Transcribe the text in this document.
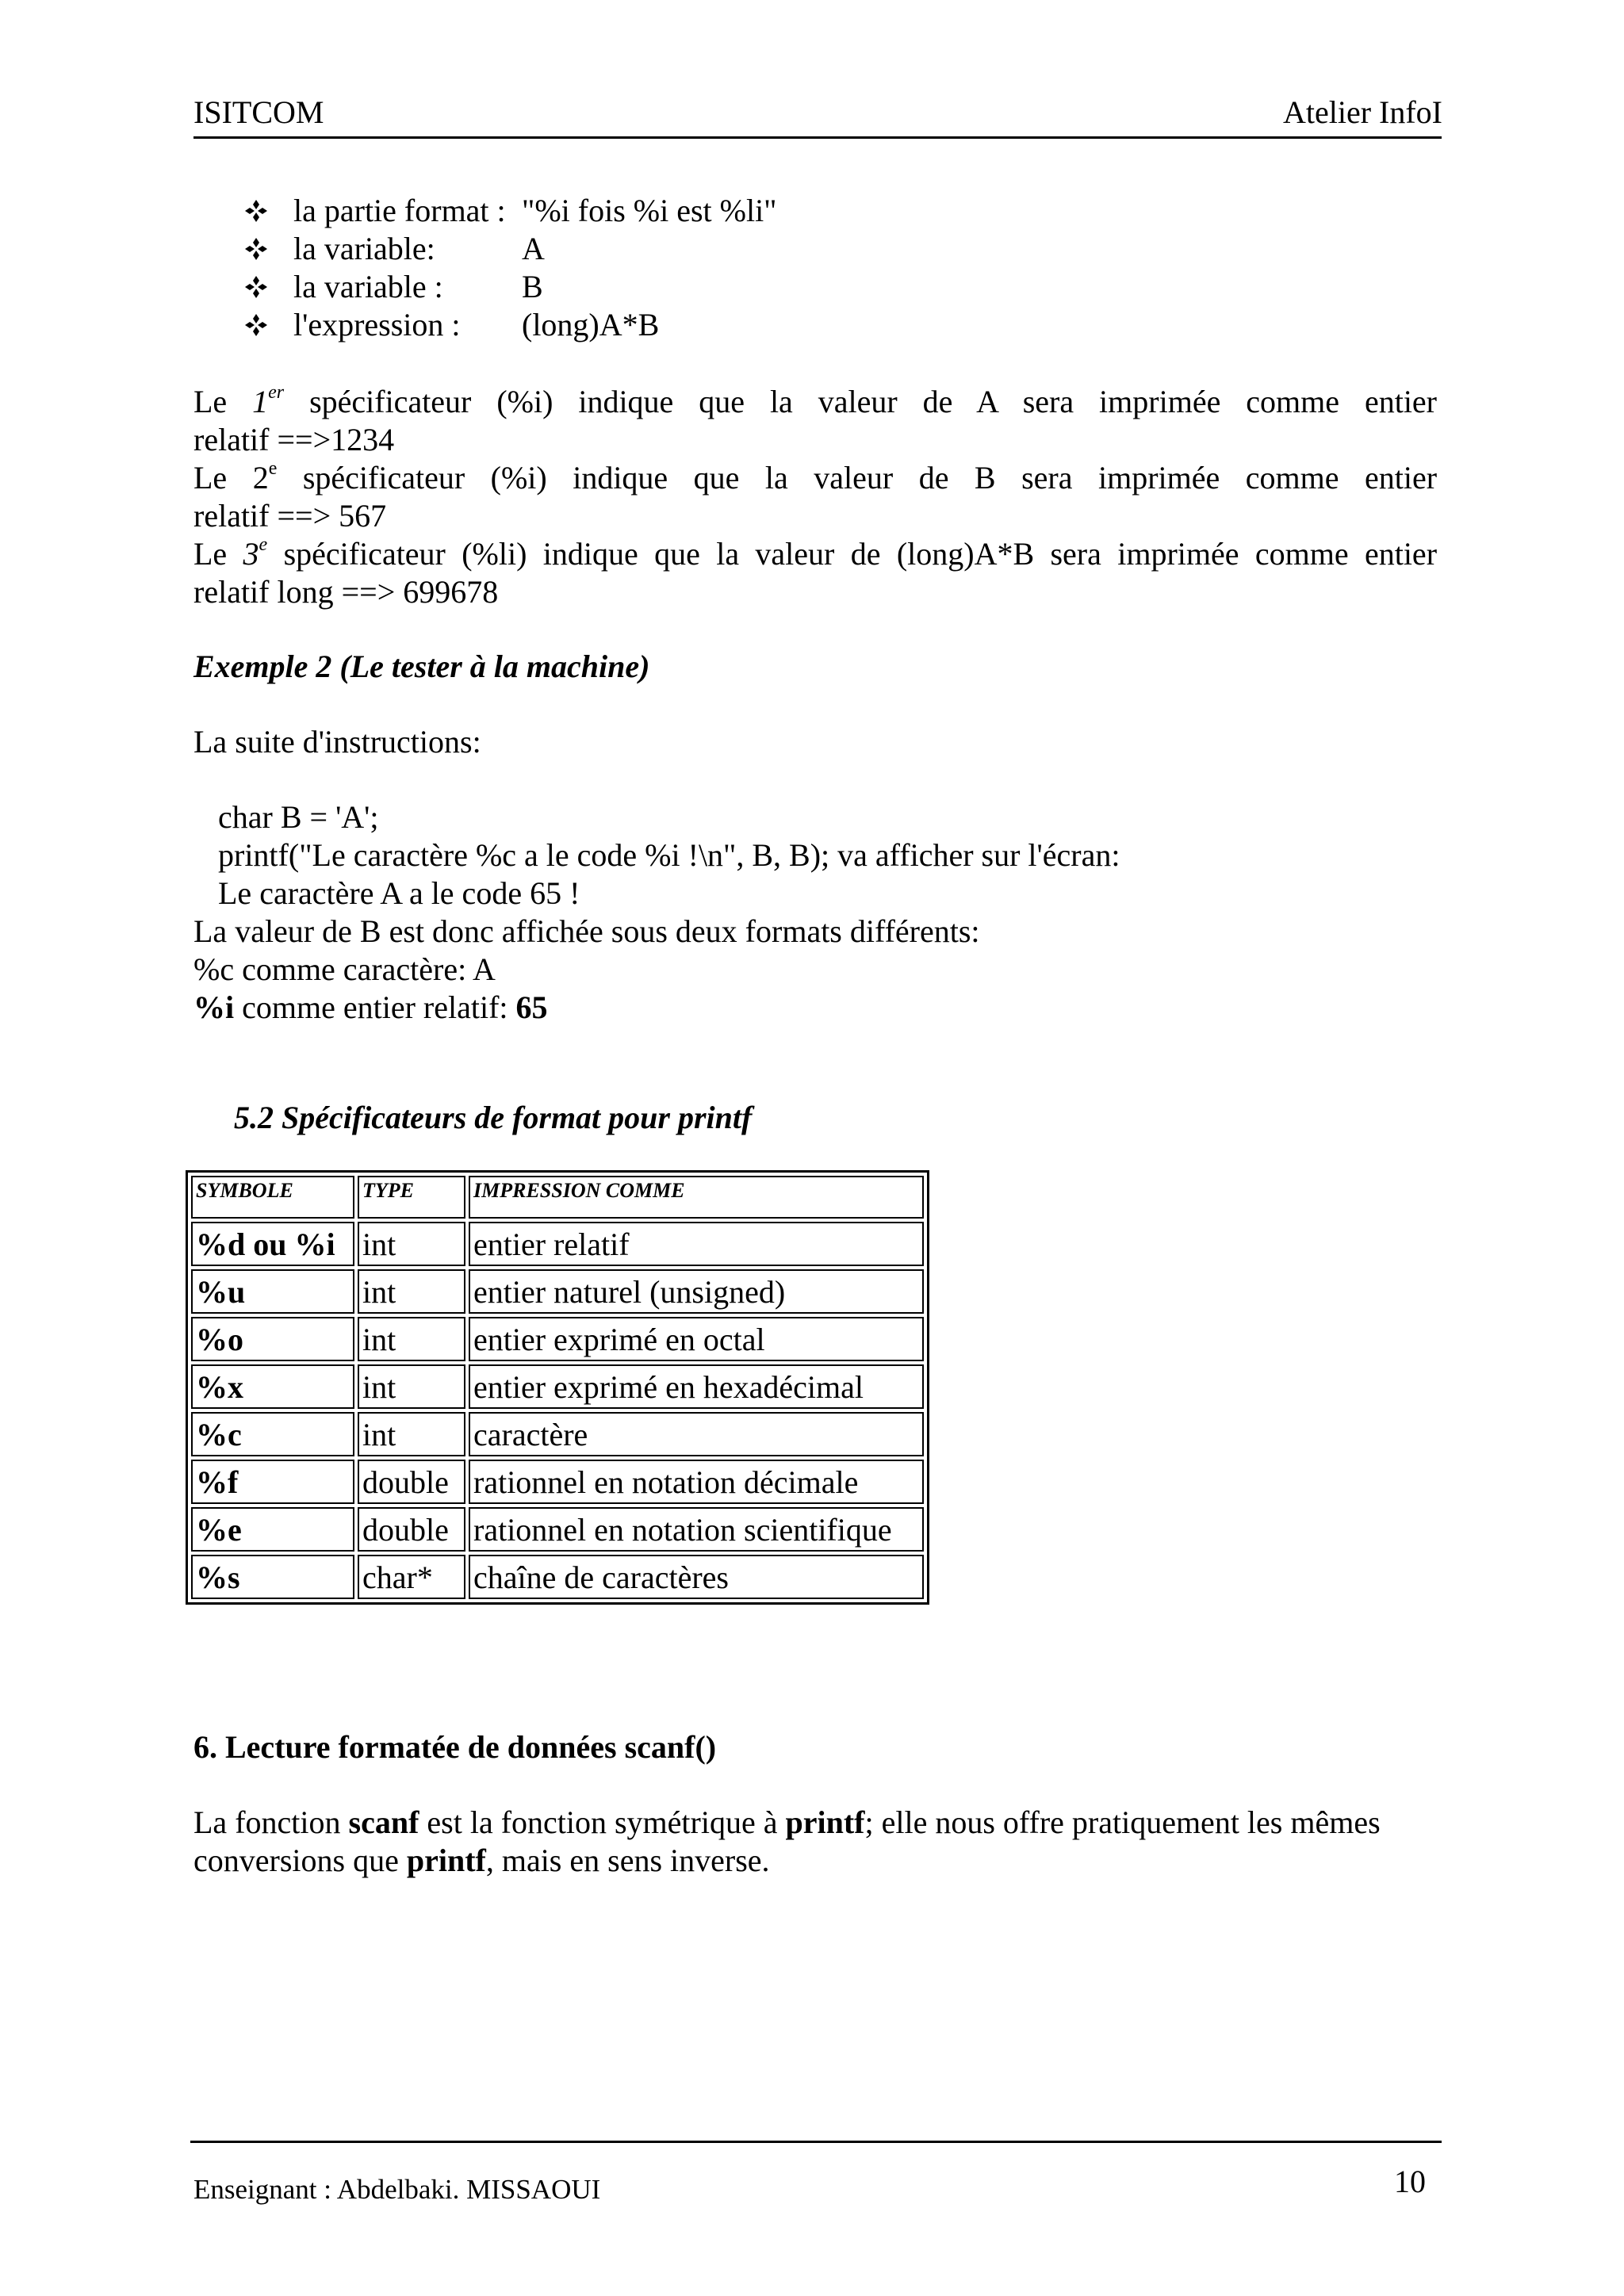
ISITCOM	Atelier InfoI
la partie format : "%i fois %i est %li"
la variable:	A
la variable : B
l'expression : (long)A*B
Le 1er spécificateur (%i) indique que la valeur de A sera imprimée comme entier
relatif ==>1234
Le 2e spécificateur (%i) indique que la valeur de B sera imprimée comme entier
relatif ==> 567
Le 3e spécificateur (%li) indique que la valeur de (long)A*B sera imprimée comme entier
relatif long ==> 699678
Exemple 2 (Le tester à la machine)
La suite d'instructions:
char B = 'A';
printf("Le caractère %c a le code %i !\n", B, B); va afficher sur l'écran:
Le caractère A a le code 65 !
La valeur de B est donc affichée sous deux formats différents:
%c comme caractère: A
%i comme entier relatif: 65
5.2 Spécificateurs de format pour printf
SYMBOLE	TYPE	IMPRESSION COMME
%d ou %i	int	entier relatif
%u	int	entier naturel (unsigned)
%o	int	entier exprimé en octal
%x	int	entier exprimé en hexadécimal
%c	int	caractère
%f	double	rationnel en notation décimale
%e	double	rationnel en notation scientifique
%s	char*	chaîne de caractères
6. Lecture formatée de données scanf()
La fonction scanf est la fonction symétrique à printf; elle nous offre pratiquement les mêmes
conversions que printf, mais en sens inverse.
Enseignant : Abdelbaki. MISSAOUI	10
